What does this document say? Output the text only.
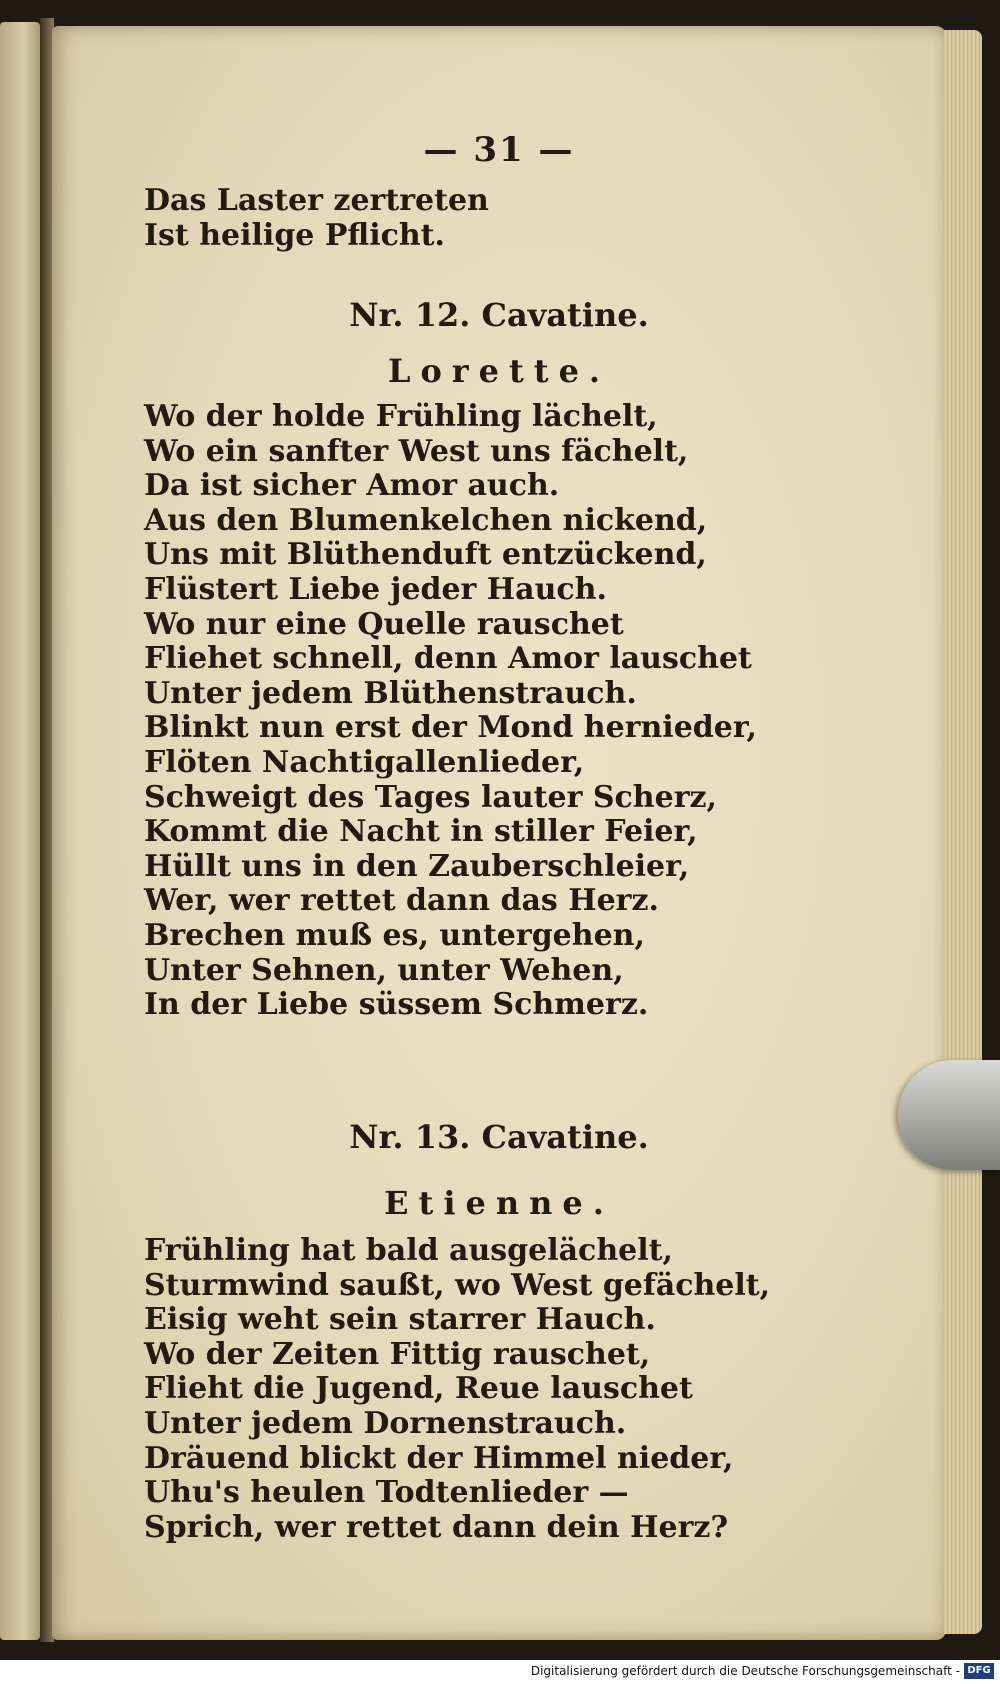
— 31 —
Das Laster zertreten
Ist heilige Pflicht.
Nr. 12. Cavatine.
Lorette.
Wo der holde Frühling lächelt,
Wo ein sanfter West uns fächelt,
Da ist sicher Amor auch.
Aus den Blumenkelchen nickend,
Uns mit Blüthenduft entzückend,
Flüstert Liebe jeder Hauch.
Wo nur eine Quelle rauschet
Fliehet schnell, denn Amor lauschet
Unter jedem Blüthenstrauch.
Blinkt nun erst der Mond hernieder,
Flöten Nachtigallenlieder,
Schweigt des Tages lauter Scherz,
Kommt die Nacht in stiller Feier,
Hüllt uns in den Zauberschleier,
Wer, wer rettet dann das Herz.
Brechen muß es, untergehen,
Unter Sehnen, unter Wehen,
In der Liebe süssem Schmerz.
Nr. 13. Cavatine.
Etienne.
Frühling hat bald ausgelächelt,
Sturmwind saußt, wo West gefächelt,
Eisig weht sein starrer Hauch.
Wo der Zeiten Fittig rauschet,
Flieht die Jugend, Reue lauschet
Unter jedem Dornenstrauch.
Dräuend blickt der Himmel nieder,
Uhu's heulen Todtenlieder —
Sprich, wer rettet dann dein Herz?
Digitalisierung gefördert durch die Deutsche Forschungsgemeinschaft - DFG
